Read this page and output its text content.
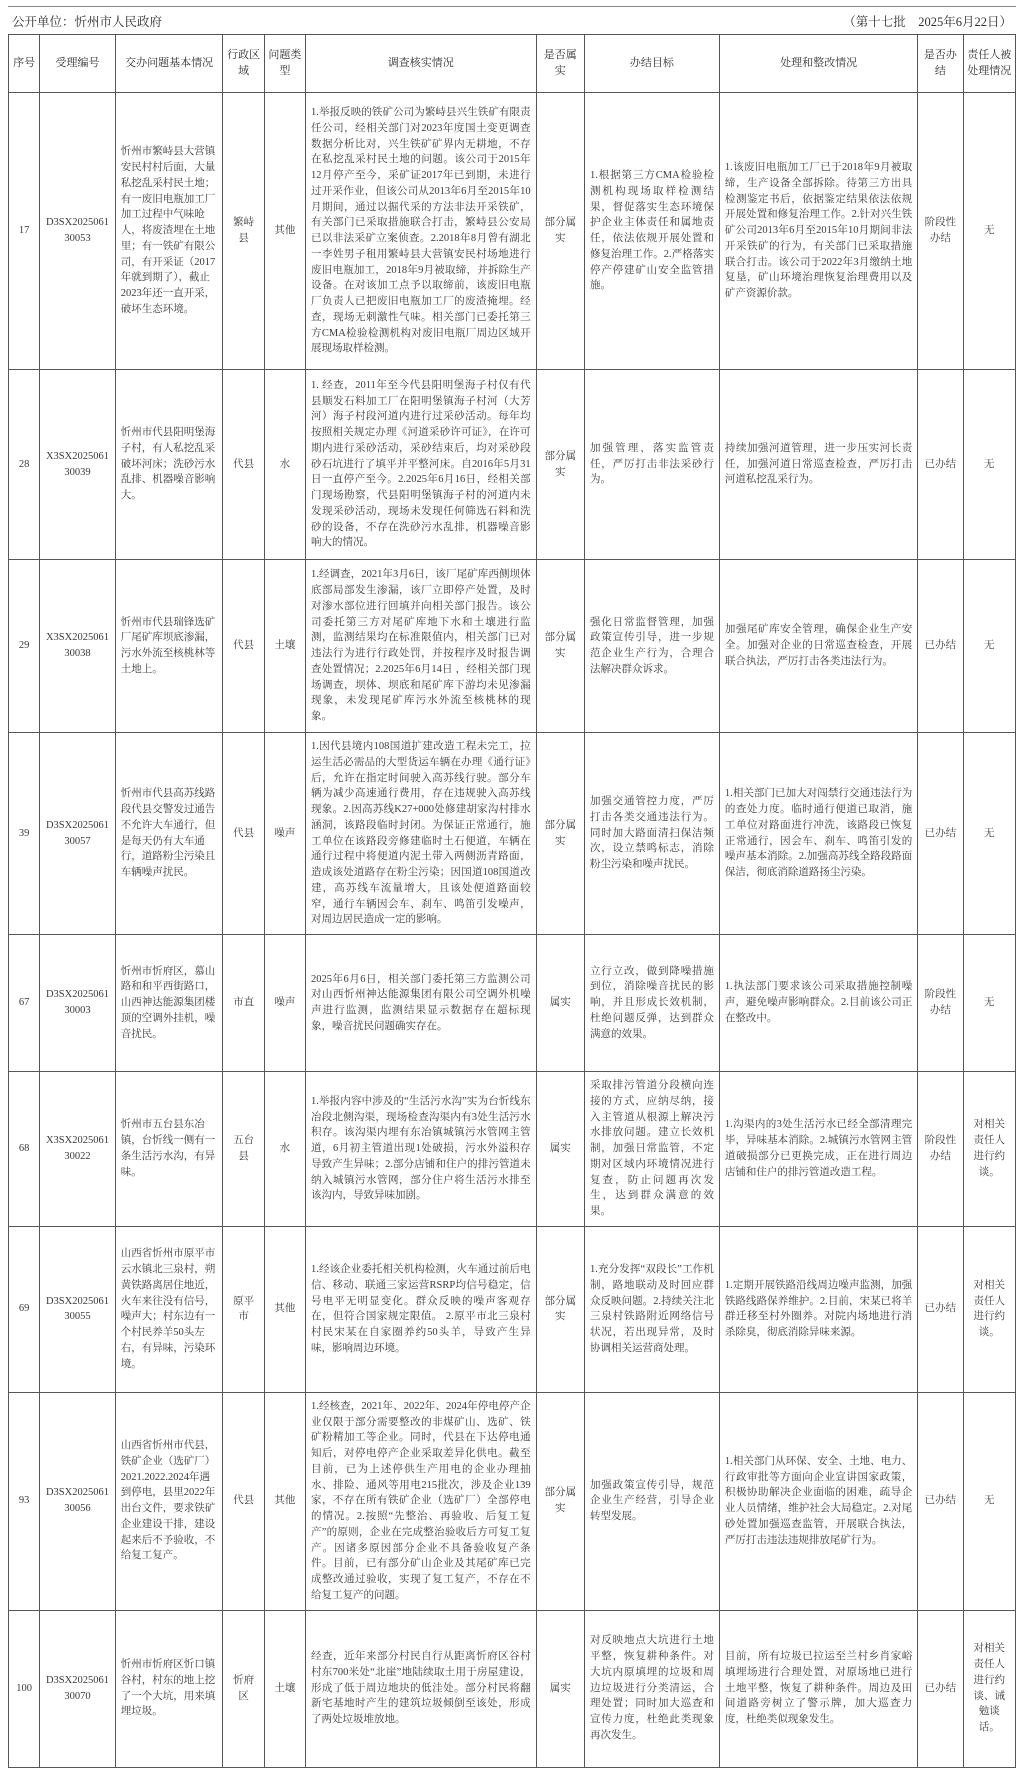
公开单位：忻州市人民政府	（第十七批　2025年6月22日）
序号	受理编号	交办问题基本情况	行政区域	问题类型	调查核实情况	是否属实	办结目标	处理和整改情况	是否办结	责任人被处理情况
17	D3SX202506130053	忻州市繁峙县大营镇安民村村后面，大量私挖乱采村民土地；有一废旧电瓶加工厂加工过程中气味呛人，将废渣埋在土地里；有一铁矿有限公司，有开采证（2017年就到期了），截止2023年还一直开采，破坏生态环境。	繁峙县	其他	1.举报反映的铁矿公司为繁峙县兴生铁矿有限责任公司，经相关部门对2023年度国土变更调查数据分析比对，兴生铁矿矿界内无耕地，不存在私挖乱采村民土地的问题。该公司于2015年12月停产至今，采矿证2017年已到期，未进行过开采作业，但该公司从2013年6月至2015年10月期间，通过以掘代采的方法非法开采铁矿，有关部门已采取措施联合打击，繁峙县公安局已以非法采矿立案侦查。2.2018年8月曾有湖北一李姓男子租用繁峙县大营镇安民村场地进行废旧电瓶加工，2018年9月被取缔，并拆除生产设备。在对该加工点予以取缔前，该废旧电瓶厂负责人已把废旧电瓶加工厂的废渣掩埋。经查，现场无刺激性气味。相关部门已委托第三方CMA检验检测机构对废旧电瓶厂周边区域开展现场取样检测。	部分属实	1.根据第三方CMA检验检测机构现场取样检测结果，督促落实生态环境保护企业主体责任和属地责任，依法依规开展处置和修复治理工作。2.严格落实停产停建矿山安全监管措施。	1.该废旧电瓶加工厂已于2018年9月被取缔，生产设备全部拆除。待第三方出具检测鉴定书后，依据鉴定结果依法依规开展处置和修复治理工作。2.针对兴生铁矿公司2013年6月至2015年10月期间非法开采铁矿的行为，有关部门已采取措施联合打击。该公司于2022年3月缴纳土地复垦，矿山环境治理恢复治理费用以及矿产资源价款。	阶段性办结	无
28	X3SX202506130039	忻州市代县阳明堡海子村，有人私挖乱采破坏河床；洗砂污水乱排、机器噪音影响大。	代县	水	1. 经查，2011年至今代县阳明堡海子村仅有代县顺发石料加工厂在阳明堡镇海子村河（大芳河）海子村段河道内进行过采砂活动。每年均按照相关规定办理《河道采砂许可证》，在许可期内进行采砂活动，采砂结束后，均对采砂段砂石坑进行了填平并平整河床。自2016年5月31日一直停产至今。2.2025年6月16日，经相关部门现场勘察，代县阳明堡镇海子村的河道内未发现采砂活动，现场未发现任何筛选石料和洗砂的设备，不存在洗砂污水乱排，机器噪音影响大的情况。	部分属实	加强管理，落实监管责任，严厉打击非法采砂行为。	持续加强河道管理，进一步压实河长责任，加强河道日常巡查检查，严厉打击河道私挖乱采行为。	已办结	无
29	X3SX202506130038	忻州市代县瑞锋选矿厂尾矿库坝底渗漏，污水外流至核桃林等土地上。	代县	土壤	1.经调查，2021年3月6日，该厂尾矿库西侧坝体底部局部发生渗漏，该厂立即停产处置，及时对渗水部位进行回填并向相关部门报告。该公司委托第三方对尾矿库地下水和土壤进行监测，监测结果均在标准限值内，相关部门已对违法行为进行行政处罚，并按程序及时报告调查处置情况；2.2025年6月14日 ，经相关部门现场调查，坝体、坝底和尾矿库下游均未见渗漏现象，未发现尾矿库污水外流至核桃林的现象。	部分属实	强化日常监督管理，加强政策宣传引导，进一步规范企业生产行为，合理合法解决群众诉求。	加强尾矿库安全管理，确保企业生产安全。加强对企业的日常巡查检查，开展联合执法，严厉打击各类违法行为。	已办结	无
39	D3SX202506130057	忻州市代县高苏线路段代县交警发过通告不允许大车通行，但是每天仍有大车通行，道路粉尘污染且车辆噪声扰民。	代县	噪声	1.因代县境内108国道扩建改造工程未完工，拉运生活必需品的大型货运车辆在办理《通行证》后，允许在指定时间驶入高苏线行驶。部分车辆为减少高速通行费用，存在违规驶入高苏线现象。2.因高苏线K27+000处修建胡家沟村排水涵洞，该路段临时封闭。为保证正常通行，施工单位在该路段旁修建临时土石便道，车辆在通行过程中将便道内泥土带入两侧沥青路面，造成该处道路存在粉尘污染；因国道108国道改建，高苏线车流量增大，且该处便道路面较窄，通行车辆因会车、刹车、鸣笛引发噪声，对周边居民造成一定的影响。	部分属实	加强交通管控力度，严厉打击各类交通违法行为。同时加大路面清扫保洁频次，设立禁鸣标志，消除粉尘污染和噪声扰民。	1.相关部门已加大对闯禁行交通违法行为的查处力度。临时通行便道已取消，施工单位对路面进行冲洗，该路段已恢复正常通行，因会车、刹车、鸣笛引发的噪声基本消除。2.加强高苏线全路段路面保洁，彻底消除道路扬尘污染。	已办结	无
67	D3SX202506130003	忻州市忻府区，慕山路和和平西街路口，山西神达能源集团楼顶的空调外挂机，噪音扰民。	市直	噪声	2025年6月6日，相关部门委托第三方监测公司对山西忻州神达能源集团有限公司空调外机噪声进行监测，监测结果显示数据存在超标现象，噪音扰民问题确实存在。	属实	立行立改，做到降噪措施到位，消除噪音扰民的影响，并且形成长效机制，杜绝问题反弹，达到群众满意的效果。	1.执法部门要求该公司采取措施控制噪声，避免噪声影响群众。2.目前该公司正在整改中。	阶段性办结	无
68	X3SX202506130022	忻州市五台县东冶镇，台忻线一侧有一条生活污水沟，有异味。	五台县	水	1.举报内容中涉及的“生活污水沟”实为台忻线东冶段北侧沟渠，现场检查沟渠内有3处生活污水积存。该沟渠内埋有东冶镇城镇污水管网主管道，6月初主管道出现1处破损，污水外溢积存导致产生异味；2.部分店铺和住户的排污管道未纳入城镇污水管网，部分住户将生活污水排至该沟内，导致异味加剧。	属实	采取排污管道分段横向连接的方式，应纳尽纳，接入主管道从根源上解决污水排放问题。建立长效机制，加强日常监管，不定期对区域内环境情况进行复查，防止问题再次发生，达到群众满意的效果。	1.沟渠内的3处生活污水已经全部清理完毕，异味基本消除。2.城镇污水管网主管道破损部分已更换完成，正在进行周边店铺和住户的排污管道改造工程。	阶段性办结	对相关责任人进行约谈。
69	D3SX202506130055	山西省忻州市原平市云水镇北三泉村，朔黄铁路离居住地近，火车来往没有信号，噪声大；村东边有一个村民养羊50头左右，有异味，污染环境。	原平市	其他	1.经该企业委托相关机构检测，火车通过前后电信、移动、联通三家运营RSRP均信号稳定，信号电平无明显变化。群众反映的噪声客观存在，但符合国家规定限值。 2.原平市北三泉村村民宋某在自家圈养约50头羊，导致产生异味，影响周边环境。	部分属实	1.充分发挥“双段长”工作机制，路地联动及时回应群众反映问题。2.持续关注北三泉村铁路附近网络信号状况，若出现异常，及时协调相关运营商处理。	1.定期开展铁路沿线周边噪声监测，加强铁路线路保养维护。2.目前，宋某已将羊群迁移至村外圈养。对院内场地进行消杀除臭，彻底消除异味来源。	已办结	对相关责任人进行约谈。
93	D3SX202506130056	山西省忻州市代县，铁矿企业（选矿厂）2021.2022.2024年遇到停电，县里2022年出台文件，要求铁矿企业建设干排，建设起来后不予验收，不给复工复产。	代县	其他	1.经核查，2021年、2022年、2024年停电停产企业仅限于部分需要整改的非煤矿山、选矿、铁矿粉精加工等企业。同时，代县在下达停电通知后，对停电停产企业采取差异化供电。截至目前，已为上述停供生产用电的企业办理抽水、排险、通风等用电215批次，涉及企业139家，不存在所有铁矿企业（选矿厂）全部停电的情况。2.按照“先整治、再验收、后复工复产”的原则，企业在完成整治验收后方可复工复产。因诸多原因部分企业不具备验收复产条件。目前，已有部分矿山企业及其尾矿库已完成整改通过验收，实现了复工复产，不存在不给复工复产的问题。	部分属实	加强政策宣传引导，规范企业生产经营，引导企业转型发展。	1.相关部门从环保、安全、土地、电力、行政审批等方面向企业宣讲国家政策，积极协助解决企业面临的困难，疏导企业人员情绪，维护社会大局稳定。2.对尾砂处置加强巡查监管，开展联合执法，严厉打击违法违规排放尾矿行为。	已办结	无
100	D3SX202506130070	忻州市忻府区忻口镇谷村，村东的地上挖了一个大坑，用来填埋垃圾。	忻府区	土壤	经查，近年来部分村民自行从距离忻府区谷村村东700米处“北崖”地陆续取土用于房屋建设，形成了低于周边地块的低洼处。部分村民将翻新宅基地时产生的建筑垃圾倾倒至该处，形成了两处垃圾堆放地。	属实	对反映地点大坑进行土地平整，恢复耕种条件。对大坑内原填埋的垃圾和周边垃圾进行分类清运，合理处置；同时加大巡查和宣传力度，杜绝此类现象再次发生。	目前，所有垃圾已拉运至兰村乡肖家峪填埋场进行合理处置，对原场地已进行土地平整，恢复了耕种条件。周边及田间道路旁树立了警示牌，加大巡查力度，杜绝类似现象发生。	已办结	对相关责任人进行约谈、诫勉谈话。
